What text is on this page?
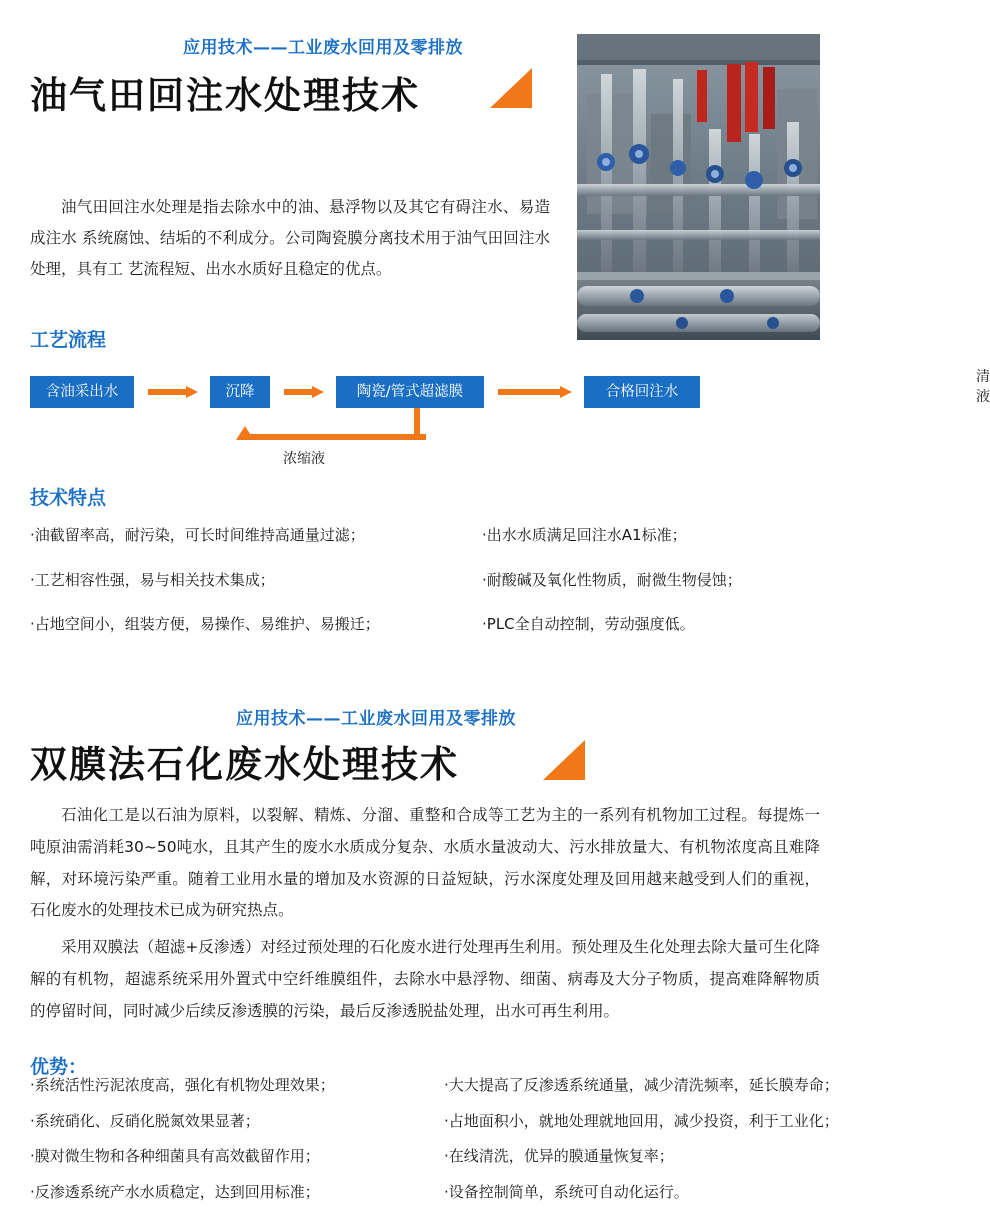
应用技术——工业废水回用及零排放
油气田回注水处理技术
油气田回注水处理是指去除水中的油、悬浮物以及其它有碍注水、易造成注水 系统腐蚀、结垢的不利成分。公司陶瓷膜分离技术用于油气田回注水处理，具有工 艺流程短、出水水质好且稳定的优点。
工艺流程
含油采出水	沉降	陶瓷/管式超滤膜
清液
合格回注水
浓缩液
技术特点
·油截留率高，耐污染，可长时间维持高通量过滤；
·工艺相容性强，易与相关技术集成；
·占地空间小，组装方便，易操作、易维护、易搬迁；
·出水水质满足回注水A1标准；
·耐酸碱及氧化性物质，耐微生物侵蚀；
·PLC全自动控制，劳动强度低。
应用技术——工业废水回用及零排放
双膜法石化废水处理技术
石油化工是以石油为原料，以裂解、精炼、分溜、重整和合成等工艺为主的一系列有机物加工过程。每提炼一吨原油需消耗30~50吨水，且其产生的废水水质成分复杂、水质水量波动大、污水排放量大、有机物浓度高且难降解，对环境污染严重。随着工业用水量的增加及水资源的日益短缺，污水深度处理及回用越来越受到人们的重视，石化废水的处理技术已成为研究热点。
采用双膜法（超滤+反渗透）对经过预处理的石化废水进行处理再生利用。预处理及生化处理去除大量可生化降解的有机物，超滤系统采用外置式中空纤维膜组件，去除水中悬浮物、细菌、病毒及大分子物质，提高难降解物质的停留时间，同时减少后续反渗透膜的污染，最后反渗透脱盐处理，出水可再生利用。
优势：
·系统活性污泥浓度高，强化有机物处理效果；
·系统硝化、反硝化脱氮效果显著；
·膜对微生物和各种细菌具有高效截留作用；
·反渗透系统产水水质稳定，达到回用标准；
·大大提高了反渗透系统通量，减少清洗频率，延长膜寿命；
·占地面积小，就地处理就地回用，减少投资，利于工业化；
·在线清洗，优异的膜通量恢复率；
·设备控制简单，系统可自动化运行。
